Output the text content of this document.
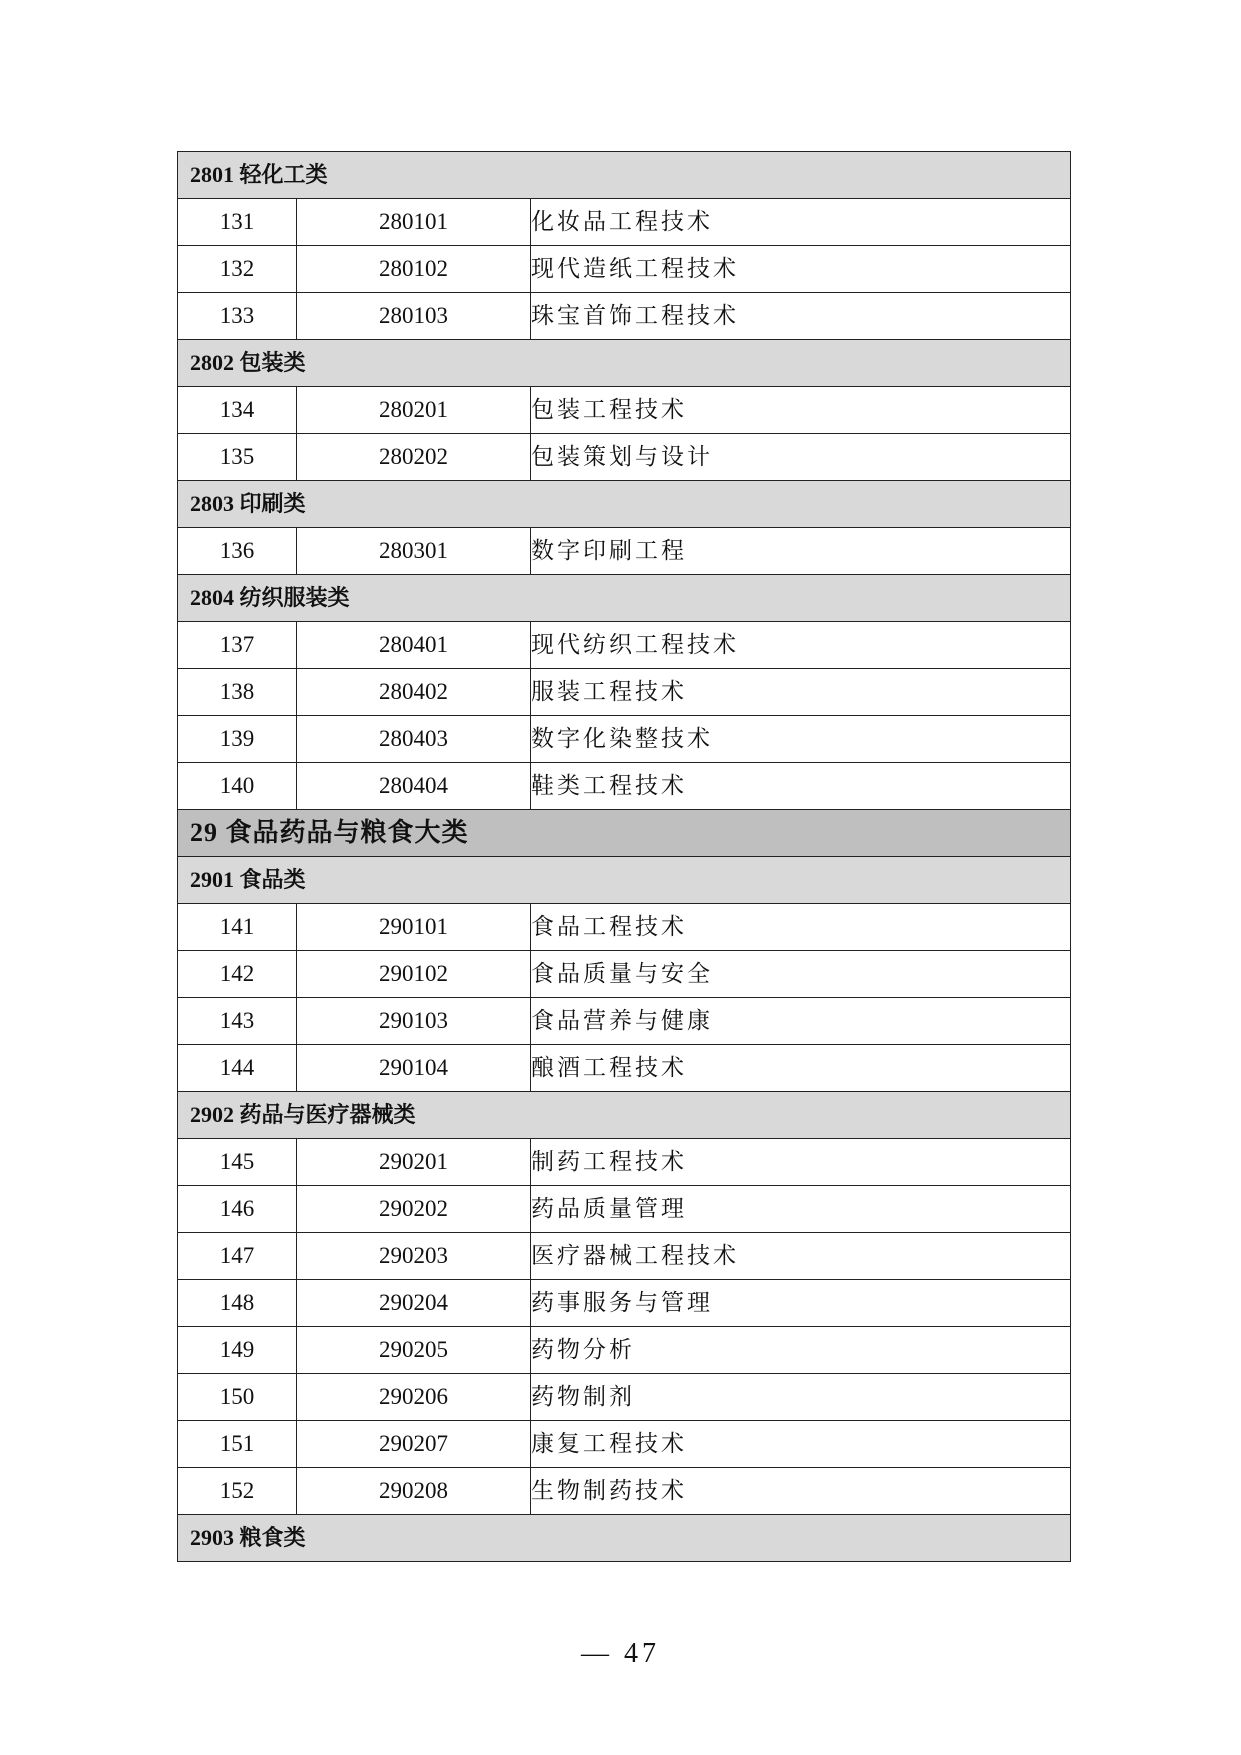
2801 轻化工类		
131	280101	化妆品工程技术
132	280102	现代造纸工程技术
133	280103	珠宝首饰工程技术
2802 包装类		
134	280201	包装工程技术
135	280202	包装策划与设计
2803 印刷类		
136	280301	数字印刷工程
2804 纺织服装类		
137	280401	现代纺织工程技术
138	280402	服装工程技术
139	280403	数字化染整技术
140	280404	鞋类工程技术
29 食品药品与粮食大类		
2901 食品类		
141	290101	食品工程技术
142	290102	食品质量与安全
143	290103	食品营养与健康
144	290104	酿酒工程技术
2902 药品与医疗器械类		
145	290201	制药工程技术
146	290202	药品质量管理
147	290203	医疗器械工程技术
148	290204	药事服务与管理
149	290205	药物分析
150	290206	药物制剂
151	290207	康复工程技术
152	290208	生物制药技术
2903 粮食类		
— 47
